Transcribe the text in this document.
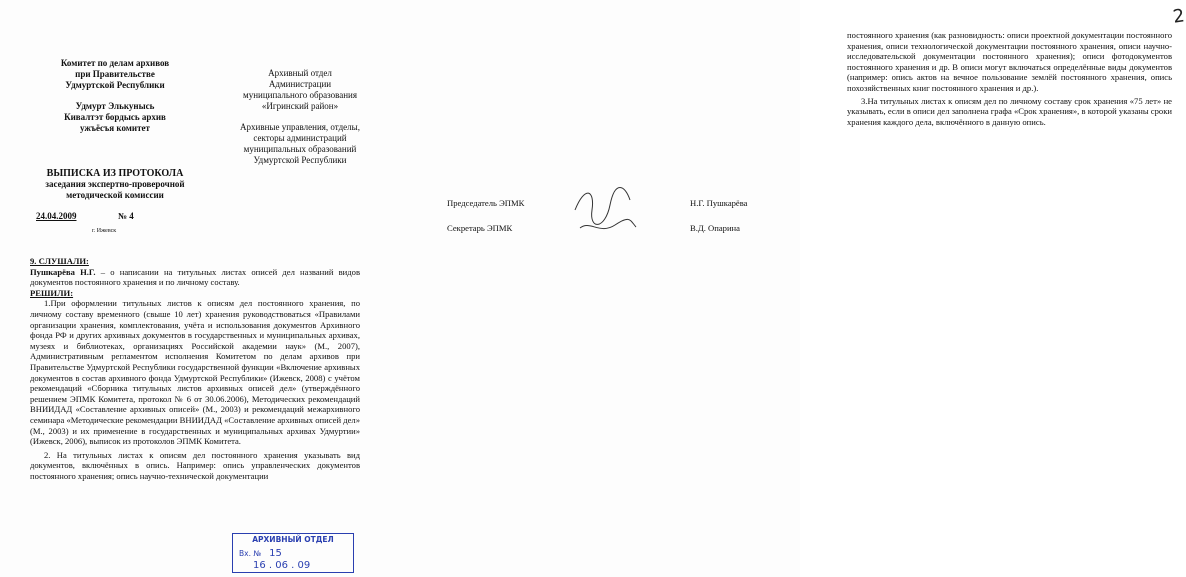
Комитет по делам архивов
при Правительстве
Удмуртской Республики
Удмурт Элькунысь
Кивалтэт бордысь архив
ужъёсъя комитет
Архивный отдел
Администрации
муниципального образования
«Игринский район»
Архивные управления, отделы,
секторы администраций
муниципальных образований
Удмуртской Республики
ВЫПИСКА ИЗ ПРОТОКОЛА
заседания экспертно-проверочной
методической комиссии
24.04.2009	№ 4
г. Ижевск

9. СЛУШАЛИ:

Пушкарёва Н.Г. – о написании на титульных листах описей дел названий видов документов постоянного хранения и по личному составу.

РЕШИЛИ:

1.При оформлении титульных листов к описям дел постоянного хранения, по личному составу временного (свыше 10 лет) хранения руководствоваться «Правилами организации хранения, комплектования, учёта и использования документов Архивного фонда РФ и других архивных документов в государственных и муниципальных архивах, музеях и библиотеках, организациях Российской академии наук» (М., 2007), Административным регламентом исполнения Комитетом по делам архивов при Правительстве Удмуртской Республики государственной функции «Включение архивных документов в состав архивного фонда Удмуртской Республики» (Ижевск, 2008) с учётом рекомендаций «Сборника титульных листов архивных описей дел» (утверждённого решением ЭПМК Комитета, протокол № 6 от 30.06.2006), Методических рекомендаций ВНИИДАД «Составление архивных описей» (М., 2003) и рекомендаций межархивного семинара «Методические рекомендации ВНИИДАД «Составление архивных описей дел» (М., 2003) и их применение в государственных и муниципальных архивах Удмуртии» (Ижевск, 2006), выписок из протоколов ЭПМК Комитета.

2. На титульных листах к описям дел постоянного хранения указывать вид документов, включённых в опись. Например: опись управленческих документов постоянного хранения; опись научно-технической документации

АРХИВНЫЙ ОТДЕЛ
Вх. № 15
16 . 06 . 09
2

постоянного хранения (как разновидность: описи проектной документации постоянного хранения, описи технологической документации постоянного хранения, описи научно-исследовательской документации постоянного хранения); описи фотодокументов постоянного хранения и др. В описи могут включаться определённые виды документов (например: опись актов на вечное пользование землёй постоянного хранения, опись похозяйственных книг постоянного хранения и др.).

3.На титульных листах к описям дел по личному составу срок хранения «75 лет» не указывать, если в описи дел заполнена графа «Срок хранения», в которой указаны сроки хранения каждого дела, включённого в данную опись.

Председатель ЭПМК	Н.Г. Пушкарёва
Секретарь ЭПМК	В.Д. Опарина
